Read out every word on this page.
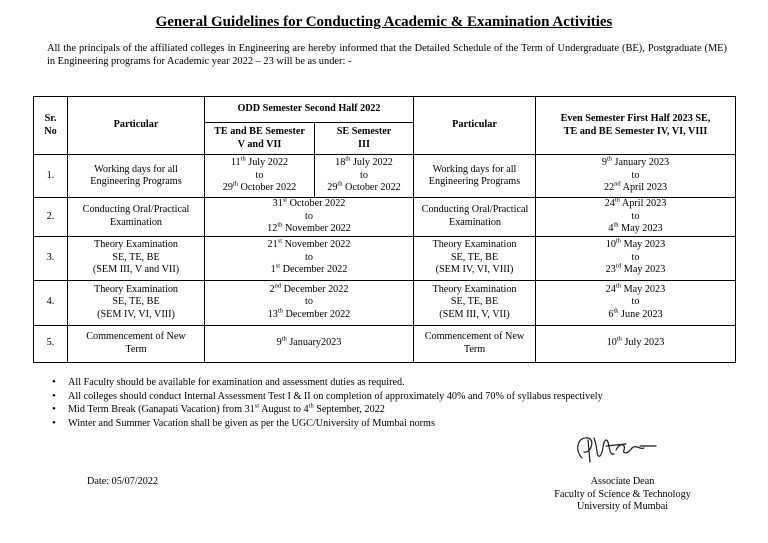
General Guidelines for Conducting Academic & Examination Activities
All the principals of the affiliated colleges in Engineering are hereby informed that the Detailed Schedule of the Term of Undergraduate (BE), Postgraduate (ME) in Engineering programs for Academic year 2022 – 23 will be as under: -
Sr. No	Particular	ODD Semester Second Half 2022		Particular	Even Semester First Half 2023 SE, TE and BE Semester IV, VI, VIII
		TE and BE Semester V and VII	SE Semester III		
1.	Working days for all Engineering Programs	11th July 2022
to
29th October 2022	18th July 2022
to
29th October 2022	Working days for all Engineering Programs	9th January 2023
to
22nd April 2023
2.	Conducting Oral/Practical Examination	31st October 2022
to
12th November 2022		Conducting Oral/Practical Examination	24th April 2023
to
4th May 2023
3.	Theory Examination
SE, TE, BE
(SEM III, V and VII)	21st November 2022
to
1st December 2022		Theory Examination
SE, TE, BE
(SEM IV, VI, VIII)	10th May 2023
to
23rd May 2023
4.	Theory Examination
SE, TE, BE
(SEM IV, VI, VIII)	2nd December 2022
to
13th December 2022		Theory Examination
SE, TE, BE
(SEM III, V, VII)	24th May 2023
to
6th June 2023
5.	Commencement of New Term	9th January2023		Commencement of New Term	10th July 2023
• All Faculty should be available for examination and assessment duties as required.
• All colleges should conduct Internal Assessment Test I & II on completion of approximately 40% and 70% of syllabus respectively
• Mid Term Break (Ganapati Vacation) from 31st August to 4th September, 2022
• Winter and Summer Vacation shall be given as per the UGC/University of Mumbai norms
Date: 05/07/2022	Associate Dean
Faculty of Science & Technology
University of Mumbai
